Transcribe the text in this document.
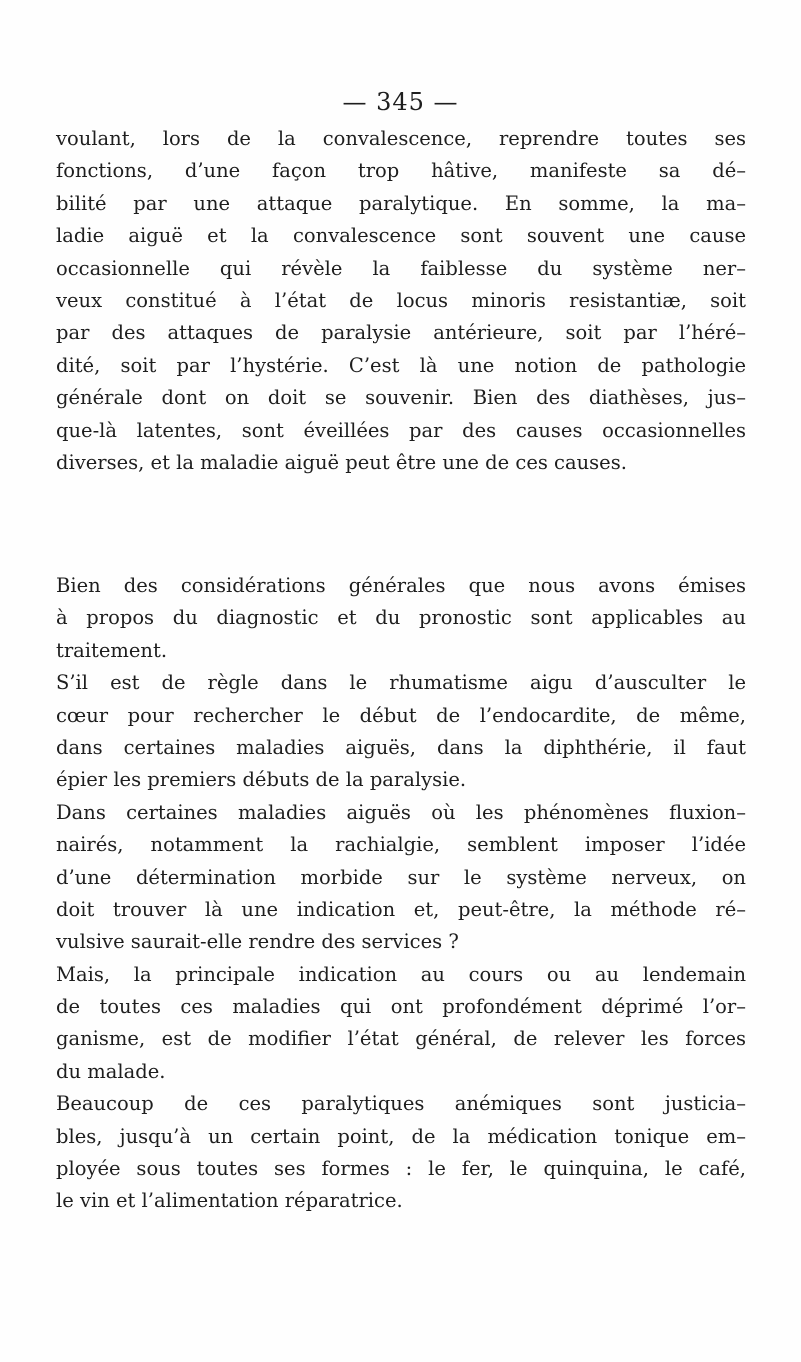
— 345 —
voulant, lors de la convalescence, reprendre toutes ses
fonctions, d’une façon trop hâtive, manifeste sa dé–
bilité par une attaque paralytique. En somme, la ma–
ladie aiguë et la convalescence sont souvent une cause
occasionnelle qui révèle la faiblesse du système ner–
veux constitué à l’état de locus minoris resistantiæ, soit
par des attaques de paralysie antérieure, soit par l’héré–
dité, soit par l’hystérie. C’est là une notion de pathologie
générale dont on doit se souvenir. Bien des diathèses, jus–
que-là latentes, sont éveillées par des causes occasionnelles
diverses, et la maladie aiguë peut être une de ces causes.
Bien des considérations générales que nous avons émises
à propos du diagnostic et du pronostic sont applicables au
traitement.
S’il est de règle dans le rhumatisme aigu d’ausculter le
cœur pour rechercher le début de l’endocardite, de même,
dans certaines maladies aiguës, dans la diphthérie, il faut
épier les premiers débuts de la paralysie.
Dans certaines maladies aiguës où les phénomènes fluxion–
nairés, notamment la rachialgie, semblent imposer l’idée
d’une détermination morbide sur le système nerveux, on
doit trouver là une indication et, peut-être, la méthode ré–
vulsive saurait-elle rendre des services ?
Mais, la principale indication au cours ou au lendemain
de toutes ces maladies qui ont profondément déprimé l’or–
ganisme, est de modifier l’état général, de relever les forces
du malade.
Beaucoup de ces paralytiques anémiques sont justicia–
bles, jusqu’à un certain point, de la médication tonique em–
ployée sous toutes ses formes : le fer, le quinquina, le café,
le vin et l’alimentation réparatrice.
